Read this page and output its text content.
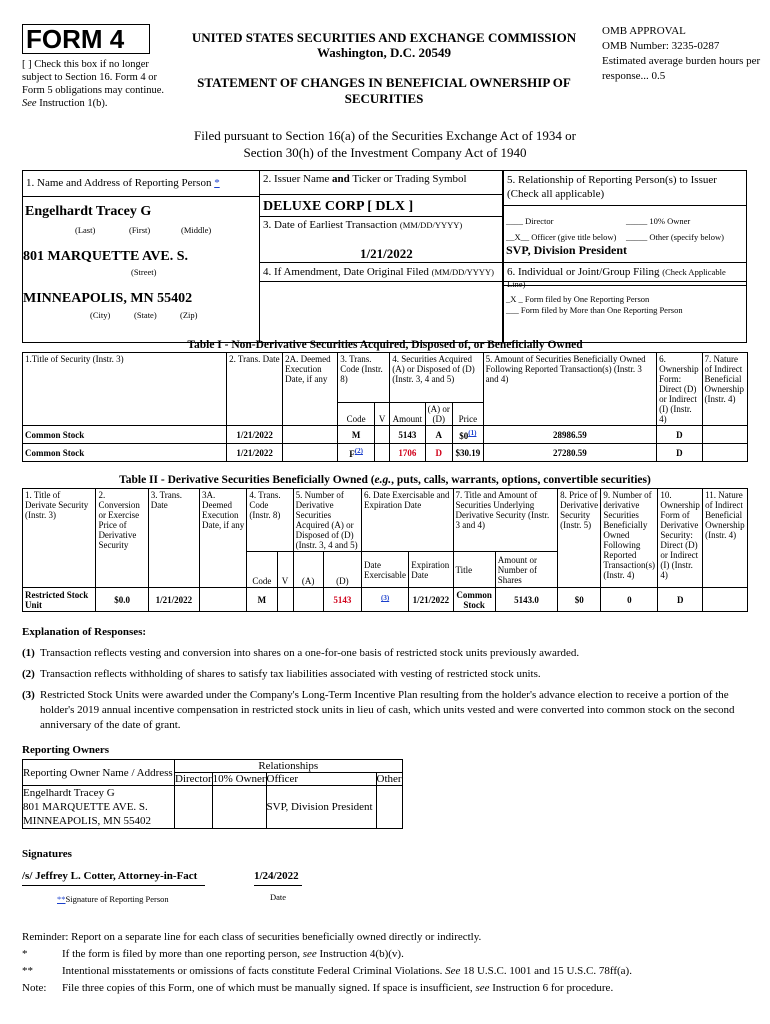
FORM 4
[ ] Check this box if no longer subject to Section 16. Form 4 or Form 5 obligations may continue. See Instruction 1(b).
UNITED STATES SECURITIES AND EXCHANGE COMMISSION
Washington, D.C. 20549
STATEMENT OF CHANGES IN BENEFICIAL OWNERSHIP OF SECURITIES
OMB APPROVAL
OMB Number: 3235-0287
Estimated average burden hours per response... 0.5
Filed pursuant to Section 16(a) of the Securities Exchange Act of 1934 or
Section 30(h) of the Investment Company Act of 1940
1. Name and Address of Reporting Person *
Engelhardt Tracey G
(Last)	(First)	(Middle)
801 MARQUETTE AVE. S.
(Street)
MINNEAPOLIS, MN 55402
(City)	(State)	(Zip)
2. Issuer Name and Ticker or Trading Symbol
DELUXE CORP [ DLX ]
3. Date of Earliest Transaction (MM/DD/YYYY)
1/21/2022
5. Relationship of Reporting Person(s) to Issuer
(Check all applicable)
____ Director	_____ 10% Owner
__X__ Officer (give title below) _____ Other (specify below)
SVP, Division President
4. If Amendment, Date Original Filed (MM/DD/YYYY) 6. Individual or Joint/Group Filing (Check Applicable Line)
_X _ Form filed by One Reporting Person
___ Form filed by More than One Reporting Person
Table I - Non-Derivative Securities Acquired, Disposed of, or Beneficially Owned
1.Title of Security (Instr. 3)	2. Trans. Date	2A. Deemed Execution Date, if any	3. Trans. Code (Instr. 8)		4. Securities Acquired (A) or Disposed of (D) (Instr. 3, 4 and 5)			5. Amount of Securities Beneficially Owned Following Reported Transaction(s) (Instr. 3 and 4)	6. Ownership Form: Direct (D) or Indirect (I) (Instr. 4)	7. Nature of Indirect Beneficial Ownership (Instr. 4)
			Code	V	Amount	(A) or (D)	Price			
Common Stock	1/21/2022		M		5143	A	$0$^{(1)}$	28986.59	D	
Common Stock	1/21/2022		$F^{(2)}$		1706	D	$30.19	27280.59	D	
Table II - Derivative Securities Beneficially Owned (e.g., puts, calls, warrants, options, convertible securities)
1. Title of Derivate Security (Instr. 3)	2. Conversion or Exercise Price of Derivative Security	3. Trans. Date	3A. Deemed Execution Date, if any	4. Trans. Code (Instr. 8)		5. Number of Derivative Securities Acquired (A) or Disposed of (D) (Instr. 3, 4 and 5)		6. Date Exercisable and Expiration Date		7. Title and Amount of Securities Underlying Derivative Security (Instr. 3 and 4)		8. Price of Derivative Security (Instr. 5)	9. Number of derivative Securities Beneficially Owned Following Reported Transaction(s) (Instr. 4)	10. Ownership Form of Derivative Security: Direct (D) or Indirect (I) (Instr. 4)	11. Nature of Indirect Beneficial Ownership (Instr. 4)
				Code	V	(A)	(D)	Date Exercisable	Expiration Date	Title	Amount or Number of Shares				
Restricted Stock Unit	$0.0	1/21/2022		M			5143	$^{(3)}$	1/21/2022	Common Stock	5143.0	$0	0	D	
Explanation of Responses:
(1) Transaction reflects vesting and conversion into shares on a one-for-one basis of restricted stock units previously awarded.
(2) Transaction reflects withholding of shares to satisfy tax liabilities associated with vesting of restricted stock units.
(3) Restricted Stock Units were awarded under the Company's Long-Term Incentive Plan resulting from the holder's advance election to receive a portion of the holder's 2019 annual incentive compensation in restricted stock units in lieu of cash, which units vested and were converted into common stock on the second anniversary of the date of grant.
Reporting Owners
Reporting Owner Name / Address	Relationships			
	Director	10% Owner	Officer	Other

Engelhardt Tracey G
801 MARQUETTE AVE. S.
MINNEAPOLIS, MN 55402			SVP, Division President	
Signatures
/s/ Jeffrey L. Cotter, Attorney-in-Fact
**Signature of Reporting Person
1/24/2022
Date
Reminder: Report on a separate line for each class of securities beneficially owned directly or indirectly.
*	If the form is filed by more than one reporting person, see Instruction 4(b)(v).
**	Intentional misstatements or omissions of facts constitute Federal Criminal Violations. See 18 U.S.C. 1001 and 15 U.S.C. 78ff(a).
Note:	File three copies of this Form, one of which must be manually signed. If space is insufficient, see Instruction 6 for procedure.
